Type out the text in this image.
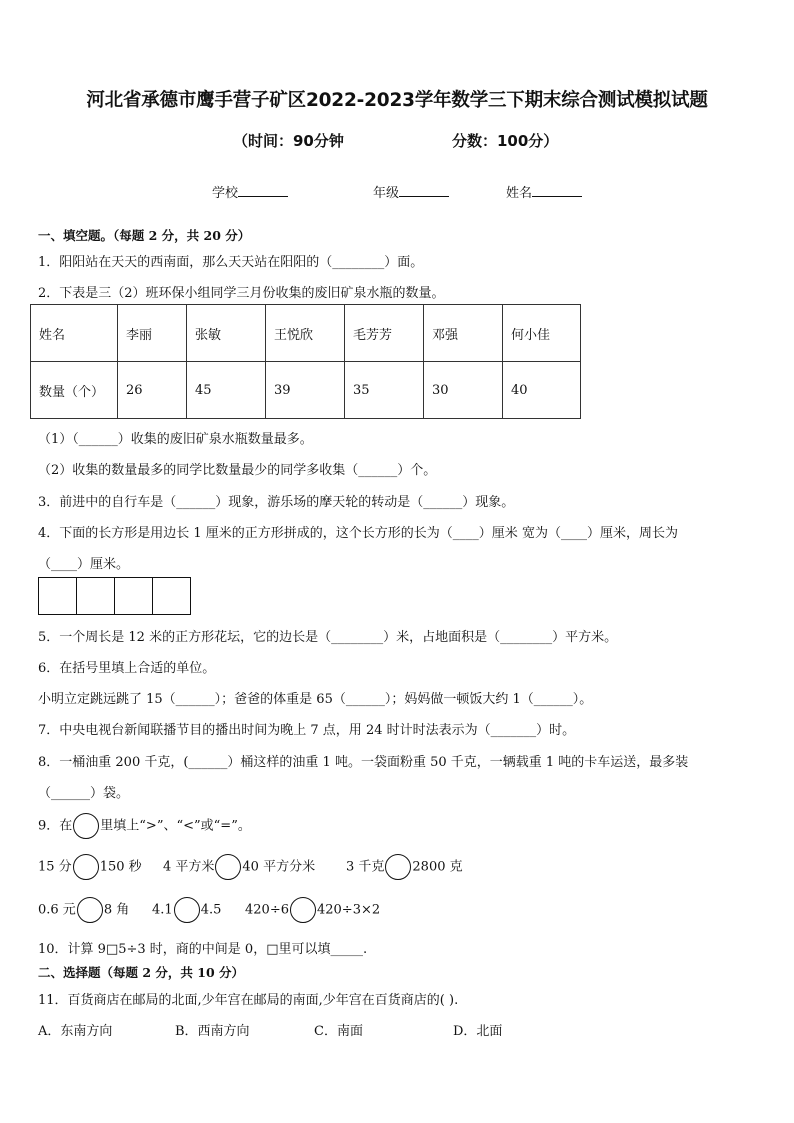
河北省承德市鹰手营子矿区2022-2023学年数学三下期末综合测试模拟试题
（时间：90分钟	分数：100分）
学校	年级	姓名
一、填空题。（每题 2 分，共 20 分）
1．阳阳站在天天的西南面，那么天天站在阳阳的（________）面。
2．下表是三（2）班环保小组同学三月份收集的废旧矿泉水瓶的数量。
姓名	李丽	张敏	王悦欣	毛芳芳	邓强	何小佳
数量（个）	26	45	39	35	30	40
（1）（______）收集的废旧矿泉水瓶数量最多。
（2）收集的数量最多的同学比数量最少的同学多收集（______）个。
3．前进中的自行车是（______）现象，游乐场的摩天轮的转动是（______）现象。
4．下面的长方形是用边长 1 厘米的正方形拼成的，这个长方形的长为（____）厘米 宽为（____）厘米，周长为
（____）厘米。
5．一个周长是 12 米的正方形花坛，它的边长是（________）米，占地面积是（________）平方米。
6．在括号里填上合适的单位。
小明立定跳远跳了 15（______）；爸爸的体重是 65（______）；妈妈做一顿饭大约 1（______）。
7．中央电视台新闻联播节目的播出时间为晚上 7 点，用 24 时计时法表示为（_______）时。
8．一桶油重 200 千克，(______）桶这样的油重 1 吨。一袋面粉重 50 千克，一辆载重 1 吨的卡车运送，最多装
（______）袋。
9．在 里填上“>”、“<”或“=”。
15 分 150 秒 4 平方米 40 平方分米 3 千克 2800 克
0.6 元 8 角 4.1 4.5 420÷6 420÷3×2
10．计算 9□5÷3 时，商的中间是 0，□里可以填_____.
二、选择题（每题 2 分，共 10 分）
11．百货商店在邮局的北面,少年宫在邮局的南面,少年宫在百货商店的( ).
A．东南方向	B．西南方向	C．南面	D．北面
